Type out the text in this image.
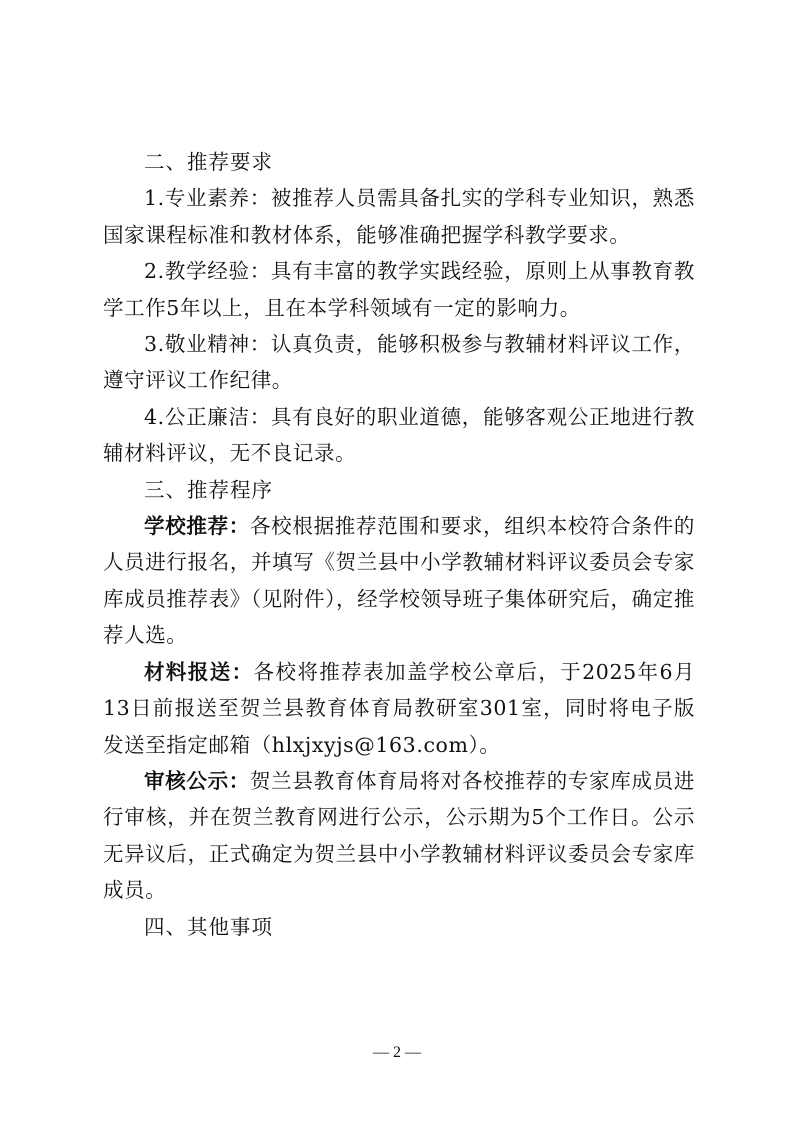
二、推荐要求

1.专业素养：被推荐人员需具备扎实的学科专业知识，熟悉国家课程标准和教材体系，能够准确把握学科教学要求。

2.教学经验：具有丰富的教学实践经验，原则上从事教育教学工作5年以上，且在本学科领域有一定的影响力。

3.敬业精神：认真负责，能够积极参与教辅材料评议工作，遵守评议工作纪律。

4.公正廉洁：具有良好的职业道德，能够客观公正地进行教辅材料评议，无不良记录。

三、推荐程序

学校推荐：各校根据推荐范围和要求，组织本校符合条件的人员进行报名，并填写《贺兰县中小学教辅材料评议委员会专家库成员推荐表》（见附件），经学校领导班子集体研究后，确定推荐人选。

材料报送：各校将推荐表加盖学校公章后，于2025年6月13日前报送至贺兰县教育体育局教研室301室，同时将电子版发送至指定邮箱（hlxjxyjs@163.com）。

审核公示：贺兰县教育体育局将对各校推荐的专家库成员进行审核，并在贺兰教育网进行公示，公示期为5个工作日。公示无异议后，正式确定为贺兰县中小学教辅材料评议委员会专家库成员。

四、其他事项
— 2 —
